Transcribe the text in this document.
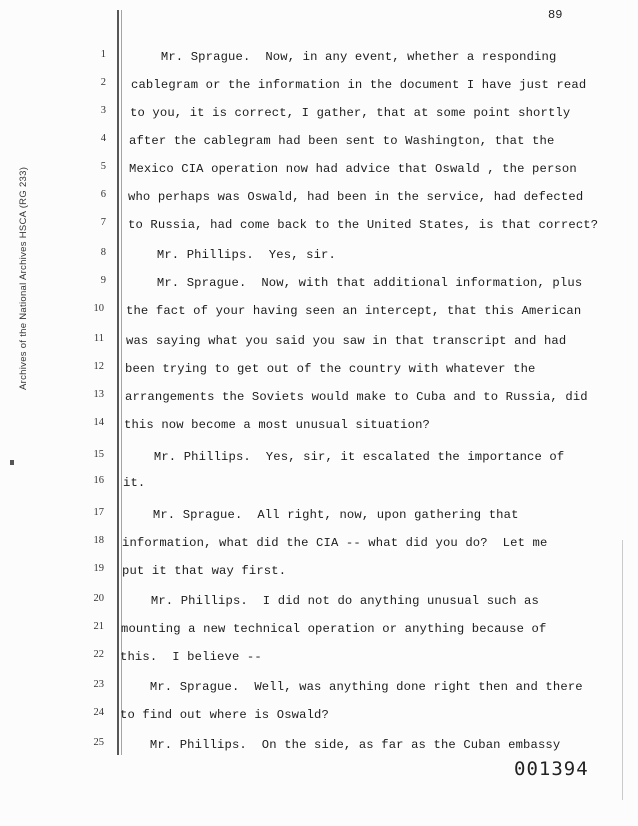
Archives of the National Archives HSCA (RG 233)
89
1 Mr. Sprague.  Now, in any event, whether a responding
2 cablegram or the information in the document I have just read
3 to you, it is correct, I gather, that at some point shortly
4 after the cablegram had been sent to Washington, that the
5 Mexico CIA operation now had advice that Oswald , the person
6 who perhaps was Oswald, had been in the service, had defected
7 to Russia, had come back to the United States, is that correct?
8 Mr. Phillips.  Yes, sir.
9 Mr. Sprague.  Now, with that additional information, plus
10 the fact of your having seen an intercept, that this American
11 was saying what you said you saw in that transcript and had
12 been trying to get out of the country with whatever the
13 arrangements the Soviets would make to Cuba and to Russia, did
14 this now become a most unusual situation?
15 Mr. Phillips.  Yes, sir, it escalated the importance of
16 it.
17 Mr. Sprague.  All right, now, upon gathering that
18 information, what did the CIA -- what did you do?  Let me
19 put it that way first.
20 Mr. Phillips.  I did not do anything unusual such as
21 mounting a new technical operation or anything because of
22 this.  I believe --
23 Mr. Sprague.  Well, was anything done right then and there
24 to find out where is Oswald?
25 Mr. Phillips.  On the side, as far as the Cuban embassy
001394
